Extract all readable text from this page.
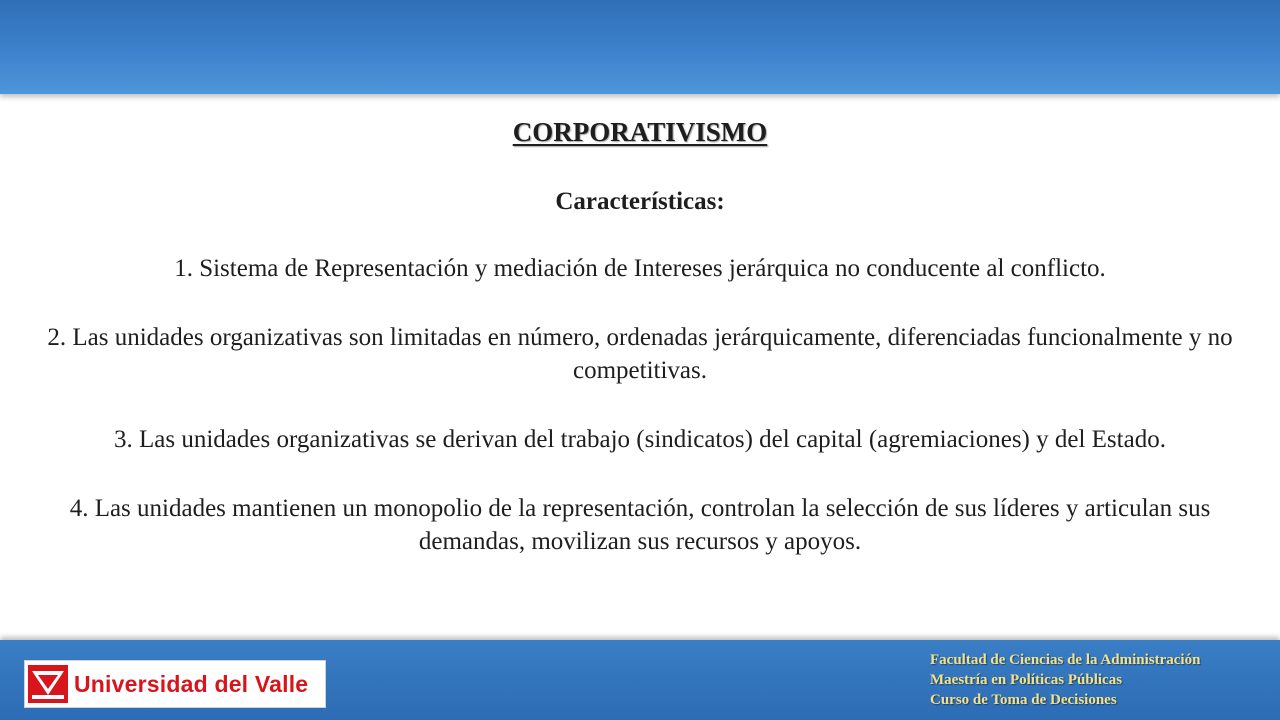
CORPORATIVISMO

Características:

1. Sistema de Representación y mediación de Intereses jerárquica no conducente al conflicto.

2. Las unidades organizativas son limitadas en número, ordenadas jerárquicamente, diferenciadas funcionalmente y no competitivas.

3. Las unidades organizativas se derivan del trabajo (sindicatos) del capital (agremiaciones) y del Estado.

4. Las unidades mantienen un monopolio de la representación, controlan la selección de sus líderes y articulan sus demandas, movilizan sus recursos y apoyos.

Universidad del Valle
Facultad de Ciencias de la Administración
Maestría en Políticas Públicas
Curso de Toma de Decisiones
